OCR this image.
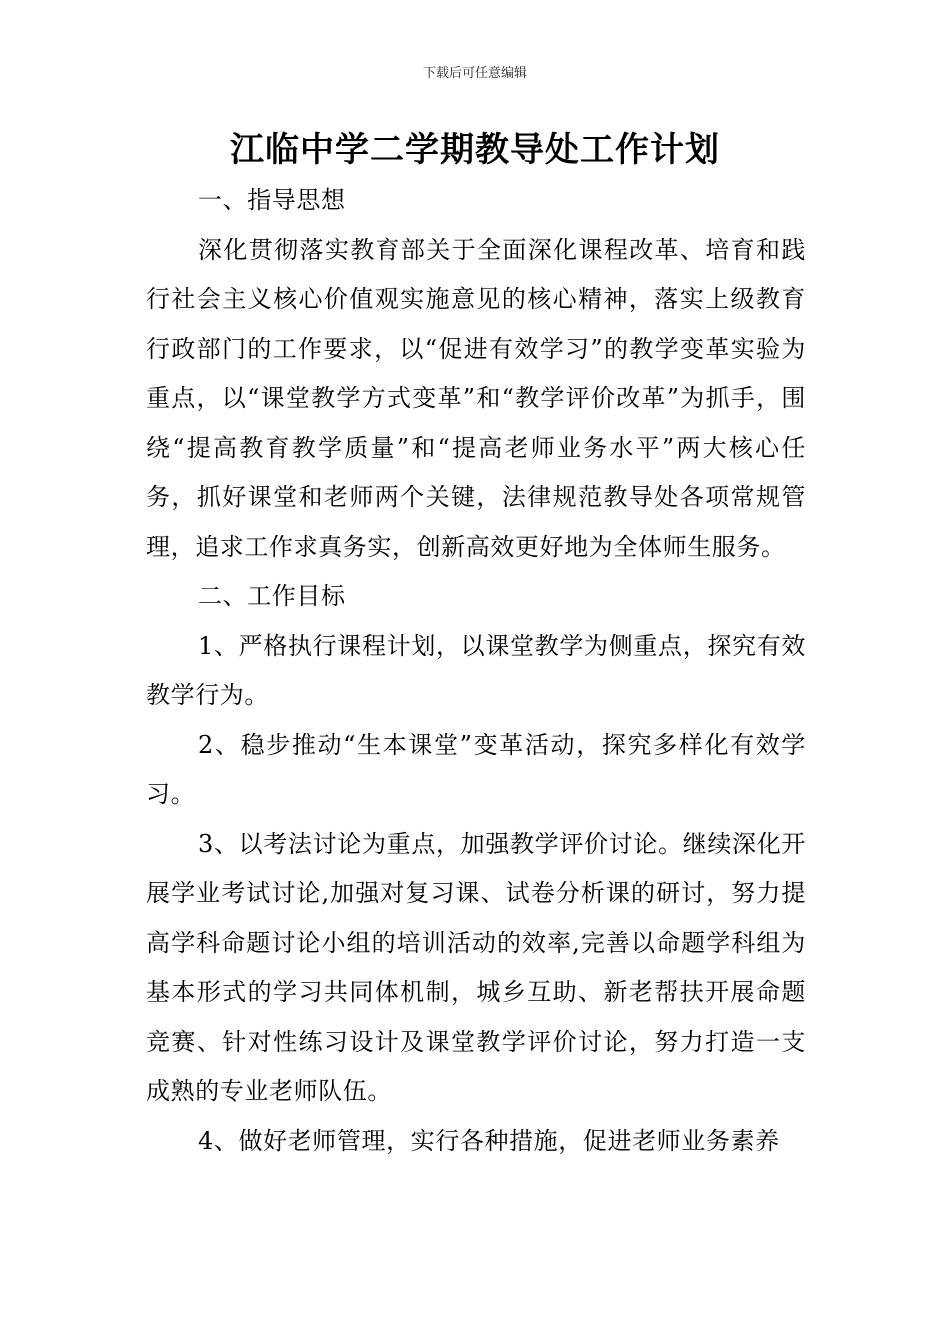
下载后可任意编辑
江临中学二学期教导处工作计划

一、指导思想

深化贯彻落实教育部关于全面深化课程改革、培育和践行社会主义核心价值观实施意见的核心精神，落实上级教育行政部门的工作要求，以“促进有效学习”的教学变革实验为重点，以“课堂教学方式变革”和“教学评价改革”为抓手，围绕“提高教育教学质量”和“提高老师业务水平”两大核心任务，抓好课堂和老师两个关键，法律规范教导处各项常规管理，追求工作求真务实，创新高效更好地为全体师生服务。

二、工作目标

1、严格执行课程计划，以课堂教学为侧重点，探究有效教学行为。

2、稳步推动“生本课堂”变革活动，探究多样化有效学习。

3、以考法讨论为重点，加强教学评价讨论。继续深化开展学业考试讨论,加强对复习课、试卷分析课的研讨，努力提高学科命题讨论小组的培训活动的效率,完善以命题学科组为基本形式的学习共同体机制，城乡互助、新老帮扶开展命题竞赛、针对性练习设计及课堂教学评价讨论，努力打造一支成熟的专业老师队伍。

4、做好老师管理，实行各种措施，促进老师业务素养
